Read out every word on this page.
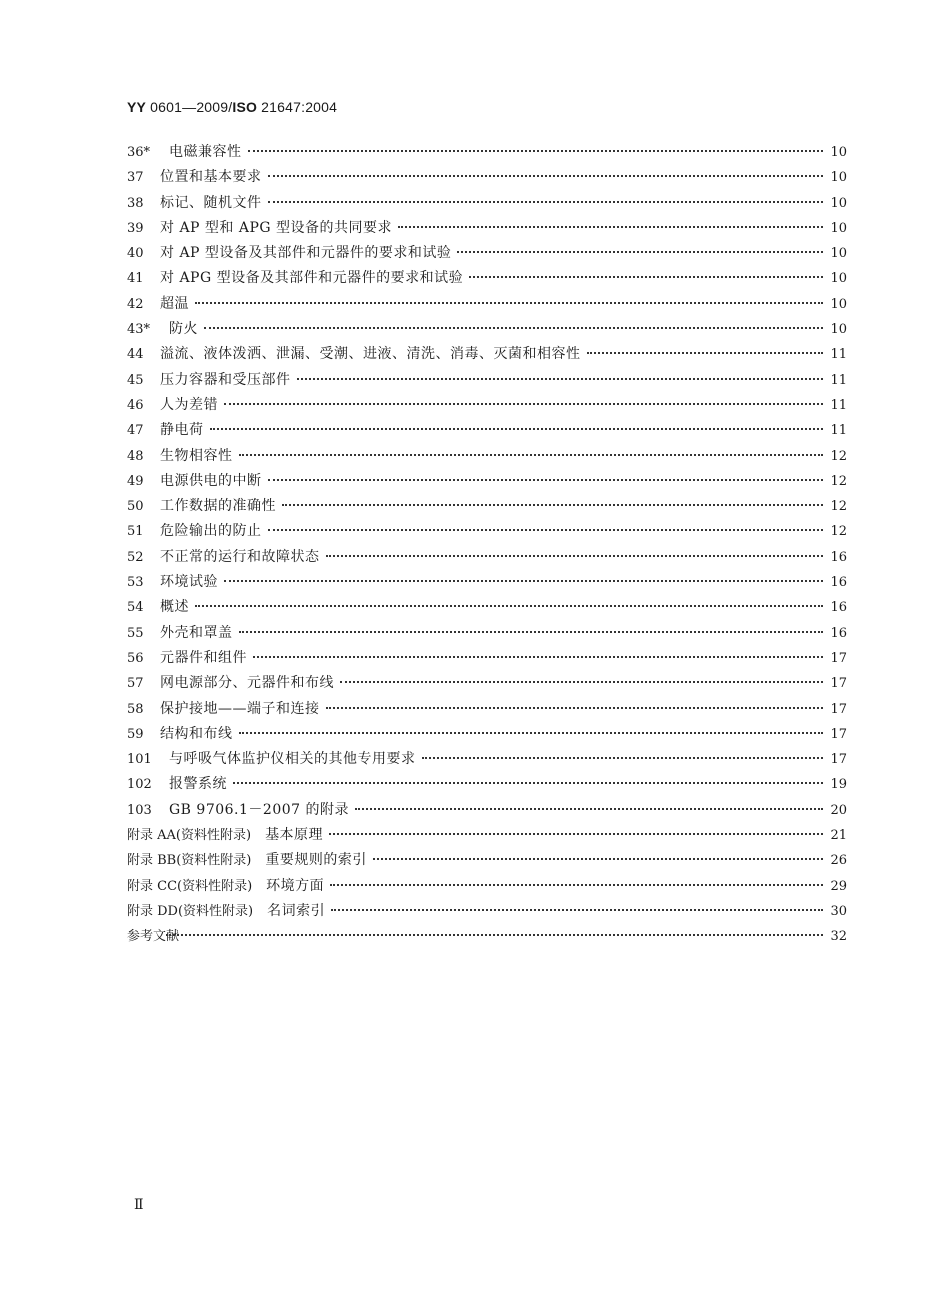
YY 0601—2009/ISO 21647:2004
36*	电磁兼容性	10
37	位置和基本要求	10
38	标记、随机文件	10
39	对 AP 型和 APG 型设备的共同要求	10
40	对 AP 型设备及其部件和元器件的要求和试验	10
41	对 APG 型设备及其部件和元器件的要求和试验	10
42	超温	10
43*	防火	10
44	溢流、液体泼洒、泄漏、受潮、进液、清洗、消毒、灭菌和相容性	11
45	压力容器和受压部件	11
46	人为差错	11
47	静电荷	11
48	生物相容性	12
49	电源供电的中断	12
50	工作数据的准确性	12
51	危险输出的防止	12
52	不正常的运行和故障状态	16
53	环境试验	16
54	概述	16
55	外壳和罩盖	16
56	元器件和组件	17
57	网电源部分、元器件和布线	17
58	保护接地——端子和连接	17
59	结构和布线	17
101	与呼吸气体监护仪相关的其他专用要求	17
102	报警系统	19
103	GB 9706.1－2007 的附录	20
附录 AA(资料性附录) 基本原理	21
附录 BB(资料性附录) 重要规则的索引	26
附录 CC(资料性附录) 环境方面	29
附录 DD(资料性附录) 名词索引	30
参考文献	32
Ⅱ
